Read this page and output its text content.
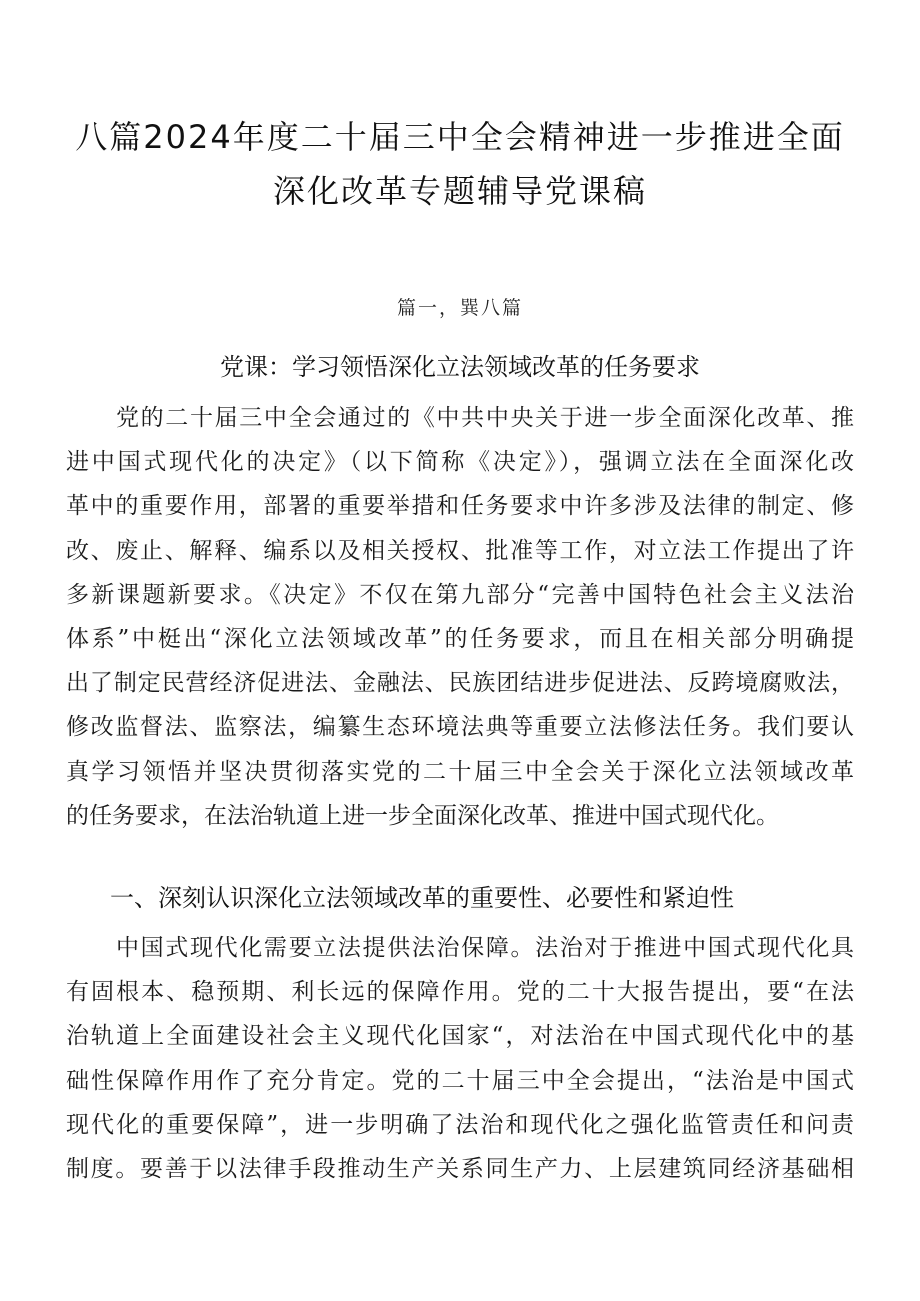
八篇2024年度二十届三中全会精神进一步推进全面
深化改革专题辅导党课稿
篇一，巽八篇
党课：学习领悟深化立法领域改革的任务要求
党的二十届三中全会通过的《中共中央关于进一步全面深化改革、推
进中国式现代化的决定》（以下简称《决定》），强调立法在全面深化改
革中的重要作用，部署的重要举措和任务要求中许多涉及法律的制定、修
改、废止、解释、编系以及相关授权、批准等工作，对立法工作提出了许
多新课题新要求。《决定》不仅在第九部分“完善中国特色社会主义法治
体系”中梃出“深化立法领域改革”的任务要求，而且在相关部分明确提
出了制定民营经济促进法、金融法、民族团结进步促进法、反跨境腐败法，
修改监督法、监察法，编纂生态环境法典等重要立法修法任务。我们要认
真学习领悟并坚决贯彻落实党的二十届三中全会关于深化立法领域改革
的任务要求，在法治轨道上进一步全面深化改革、推进中国式现代化。
一、深刻认识深化立法领域改革的重要性、必要性和紧迫性
中国式现代化需要立法提供法治保障。法治对于推进中国式现代化具
有固根本、稳预期、利长远的保障作用。党的二十大报告提出，要“在法
治轨道上全面建设社会主义现代化国家“，对法治在中国式现代化中的基
础性保障作用作了充分肯定。党的二十届三中全会提出，“法治是中国式
现代化的重要保障”，进一步明确了法治和现代化之强化监管责任和问责
制度。要善于以法律手段推动生产关系同生产力、上层建筑同经济基础相
